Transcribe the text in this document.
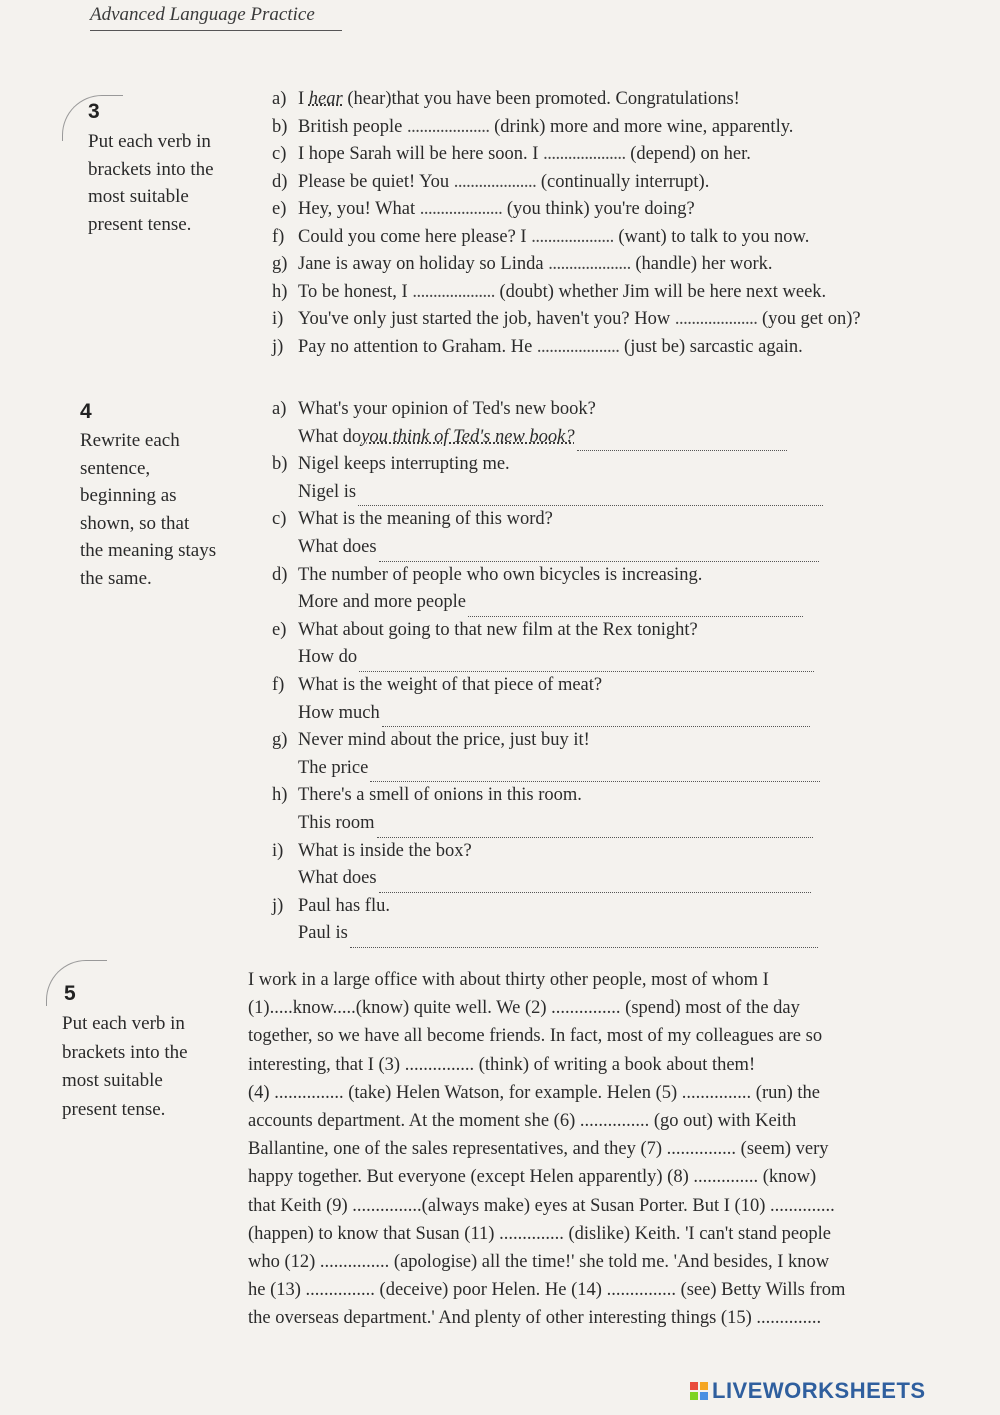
Advanced Language Practice
3
Put each verb in
brackets into the
most suitable
present tense.
a) I hear (hear)that you have been promoted. Congratulations!
b) British people .................... (drink) more and more wine, apparently.
c) I hope Sarah will be here soon. I .................... (depend) on her.
d) Please be quiet! You .................... (continually interrupt).
e) Hey, you! What .................... (you think) you're doing?
f) Could you come here please? I .................... (want) to talk to you now.
g) Jane is away on holiday so Linda .................... (handle) her work.
h) To be honest, I .................... (doubt) whether Jim will be here next week.
i) You've only just started the job, haven't you? How .................... (you get on)?
j) Pay no attention to Graham. He .................... (just be) sarcastic again.
4
Rewrite each
sentence,
beginning as
shown, so that
the meaning stays
the same.
a) What's your opinion of Ted's new book?
What do you think of Ted's new book?
b) Nigel keeps interrupting me.
Nigel is
c) What is the meaning of this word?
What does
d) The number of people who own bicycles is increasing.
More and more people
e) What about going to that new film at the Rex tonight?
How do
f) What is the weight of that piece of meat?
How much
g) Never mind about the price, just buy it!
The price
h) There's a smell of onions in this room.
This room
i) What is inside the box?
What does
j) Paul has flu.
Paul is
5
Put each verb in
brackets into the
most suitable
present tense.
I work in a large office with about thirty other people, most of whom I
(1).....know.....(know) quite well. We (2) ............... (spend) most of the day
together, so we have all become friends. In fact, most of my colleagues are so
interesting, that I (3) ............... (think) of writing a book about them!
(4) ............... (take) Helen Watson, for example. Helen (5) ............... (run) the
accounts department. At the moment she (6) ............... (go out) with Keith
Ballantine, one of the sales representatives, and they (7) ............... (seem) very
happy together. But everyone (except Helen apparently) (8) .............. (know)
that Keith (9) ...............(always make) eyes at Susan Porter. But I (10) ..............
(happen) to know that Susan (11) .............. (dislike) Keith. 'I can't stand people
who (12) ............... (apologise) all the time!' she told me. 'And besides, I know
he (13) ............... (deceive) poor Helen. He (14) ............... (see) Betty Wills from
the overseas department.' And plenty of other interesting things (15) ..............
LIVEWORKSHEETS
